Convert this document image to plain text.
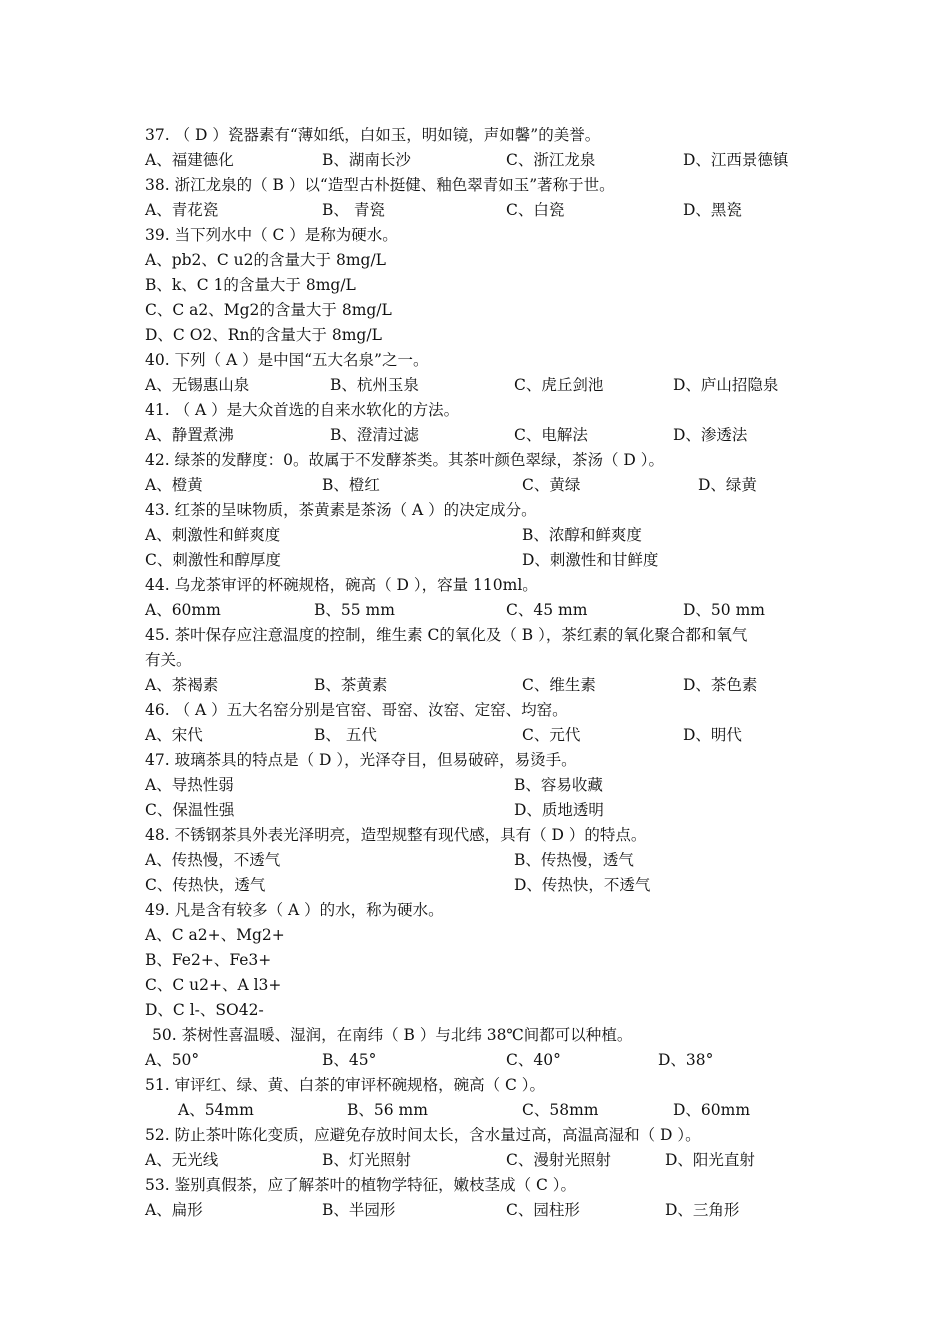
37. （ D ）瓷器素有“薄如纸，白如玉，明如镜，声如馨”的美誉。
A、福建德化	B、湖南长沙	C、浙江龙泉	D、江西景德镇
38. 浙江龙泉的（ B ）以“造型古朴挺健、釉色翠青如玉”著称于世。
A、青花瓷	B、 青瓷	C、白瓷	D、黑瓷
39. 当下列水中（ C ）是称为硬水。
A、pb2、C u2的含量大于 8mg/L
B、k、C 1的含量大于 8mg/L
C、C a2、Mg2的含量大于 8mg/L
D、C O2、Rn的含量大于 8mg/L
40. 下列（ A ）是中国“五大名泉”之一。
A、无锡惠山泉	B、杭州玉泉	C、虎丘剑池	D、庐山招隐泉
41. （ A ）是大众首选的自来水软化的方法。
A、静置煮沸	B、澄清过滤	C、电解法	D、渗透法
42. 绿茶的发酵度：0。故属于不发酵茶类。其茶叶颜色翠绿，茶汤（ D ）。
A、橙黄	B、橙红	C、黄绿	D、绿黄
43. 红茶的呈味物质，茶黄素是茶汤（ A ）的决定成分。
A、刺激性和鲜爽度	B、浓醇和鲜爽度
C、刺激性和醇厚度	D、刺激性和甘鲜度
44. 乌龙茶审评的杯碗规格，碗高（ D ），容量 110ml。
A、60mm	B、55 mm	C、45 mm	D、50 mm
45. 茶叶保存应注意温度的控制，维生素 C的氧化及（ B ），茶红素的氧化聚合都和氧气
有关。
A、茶褐素	B、茶黄素	C、维生素	D、茶色素
46. （ A ）五大名窑分别是官窑、哥窑、汝窑、定窑、均窑。
A、宋代	B、 五代	C、元代	D、明代
47. 玻璃茶具的特点是（ D ），光泽夺目，但易破碎，易烫手。
A、导热性弱	B、容易收藏
C、保温性强	D、质地透明
48. 不锈钢茶具外表光泽明亮，造型规整有现代感，具有（ D ）的特点。
A、传热慢，不透气	B、传热慢，透气
C、传热快，透气	D、传热快，不透气
49. 凡是含有较多（ A ）的水，称为硬水。
A、C a2+、Mg2+
B、Fe2+、Fe3+
C、C u2+、A l3+
D、C l-、SO42-
50. 茶树性喜温暖、湿润，在南纬（ B ）与北纬 38℃间都可以种植。
A、50°	B、45°	C、40°	D、38°
51. 审评红、绿、黄、白茶的审评杯碗规格，碗高（ C ）。
A、54mm	B、56 mm	C、58mm	D、60mm
52. 防止茶叶陈化变质，应避免存放时间太长，含水量过高，高温高湿和（ D ）。
A、无光线	B、灯光照射	C、漫射光照射	D、阳光直射
53. 鉴别真假茶，应了解茶叶的植物学特征，嫩枝茎成（ C ）。
A、扁形	B、半园形	C、园柱形	D、三角形
